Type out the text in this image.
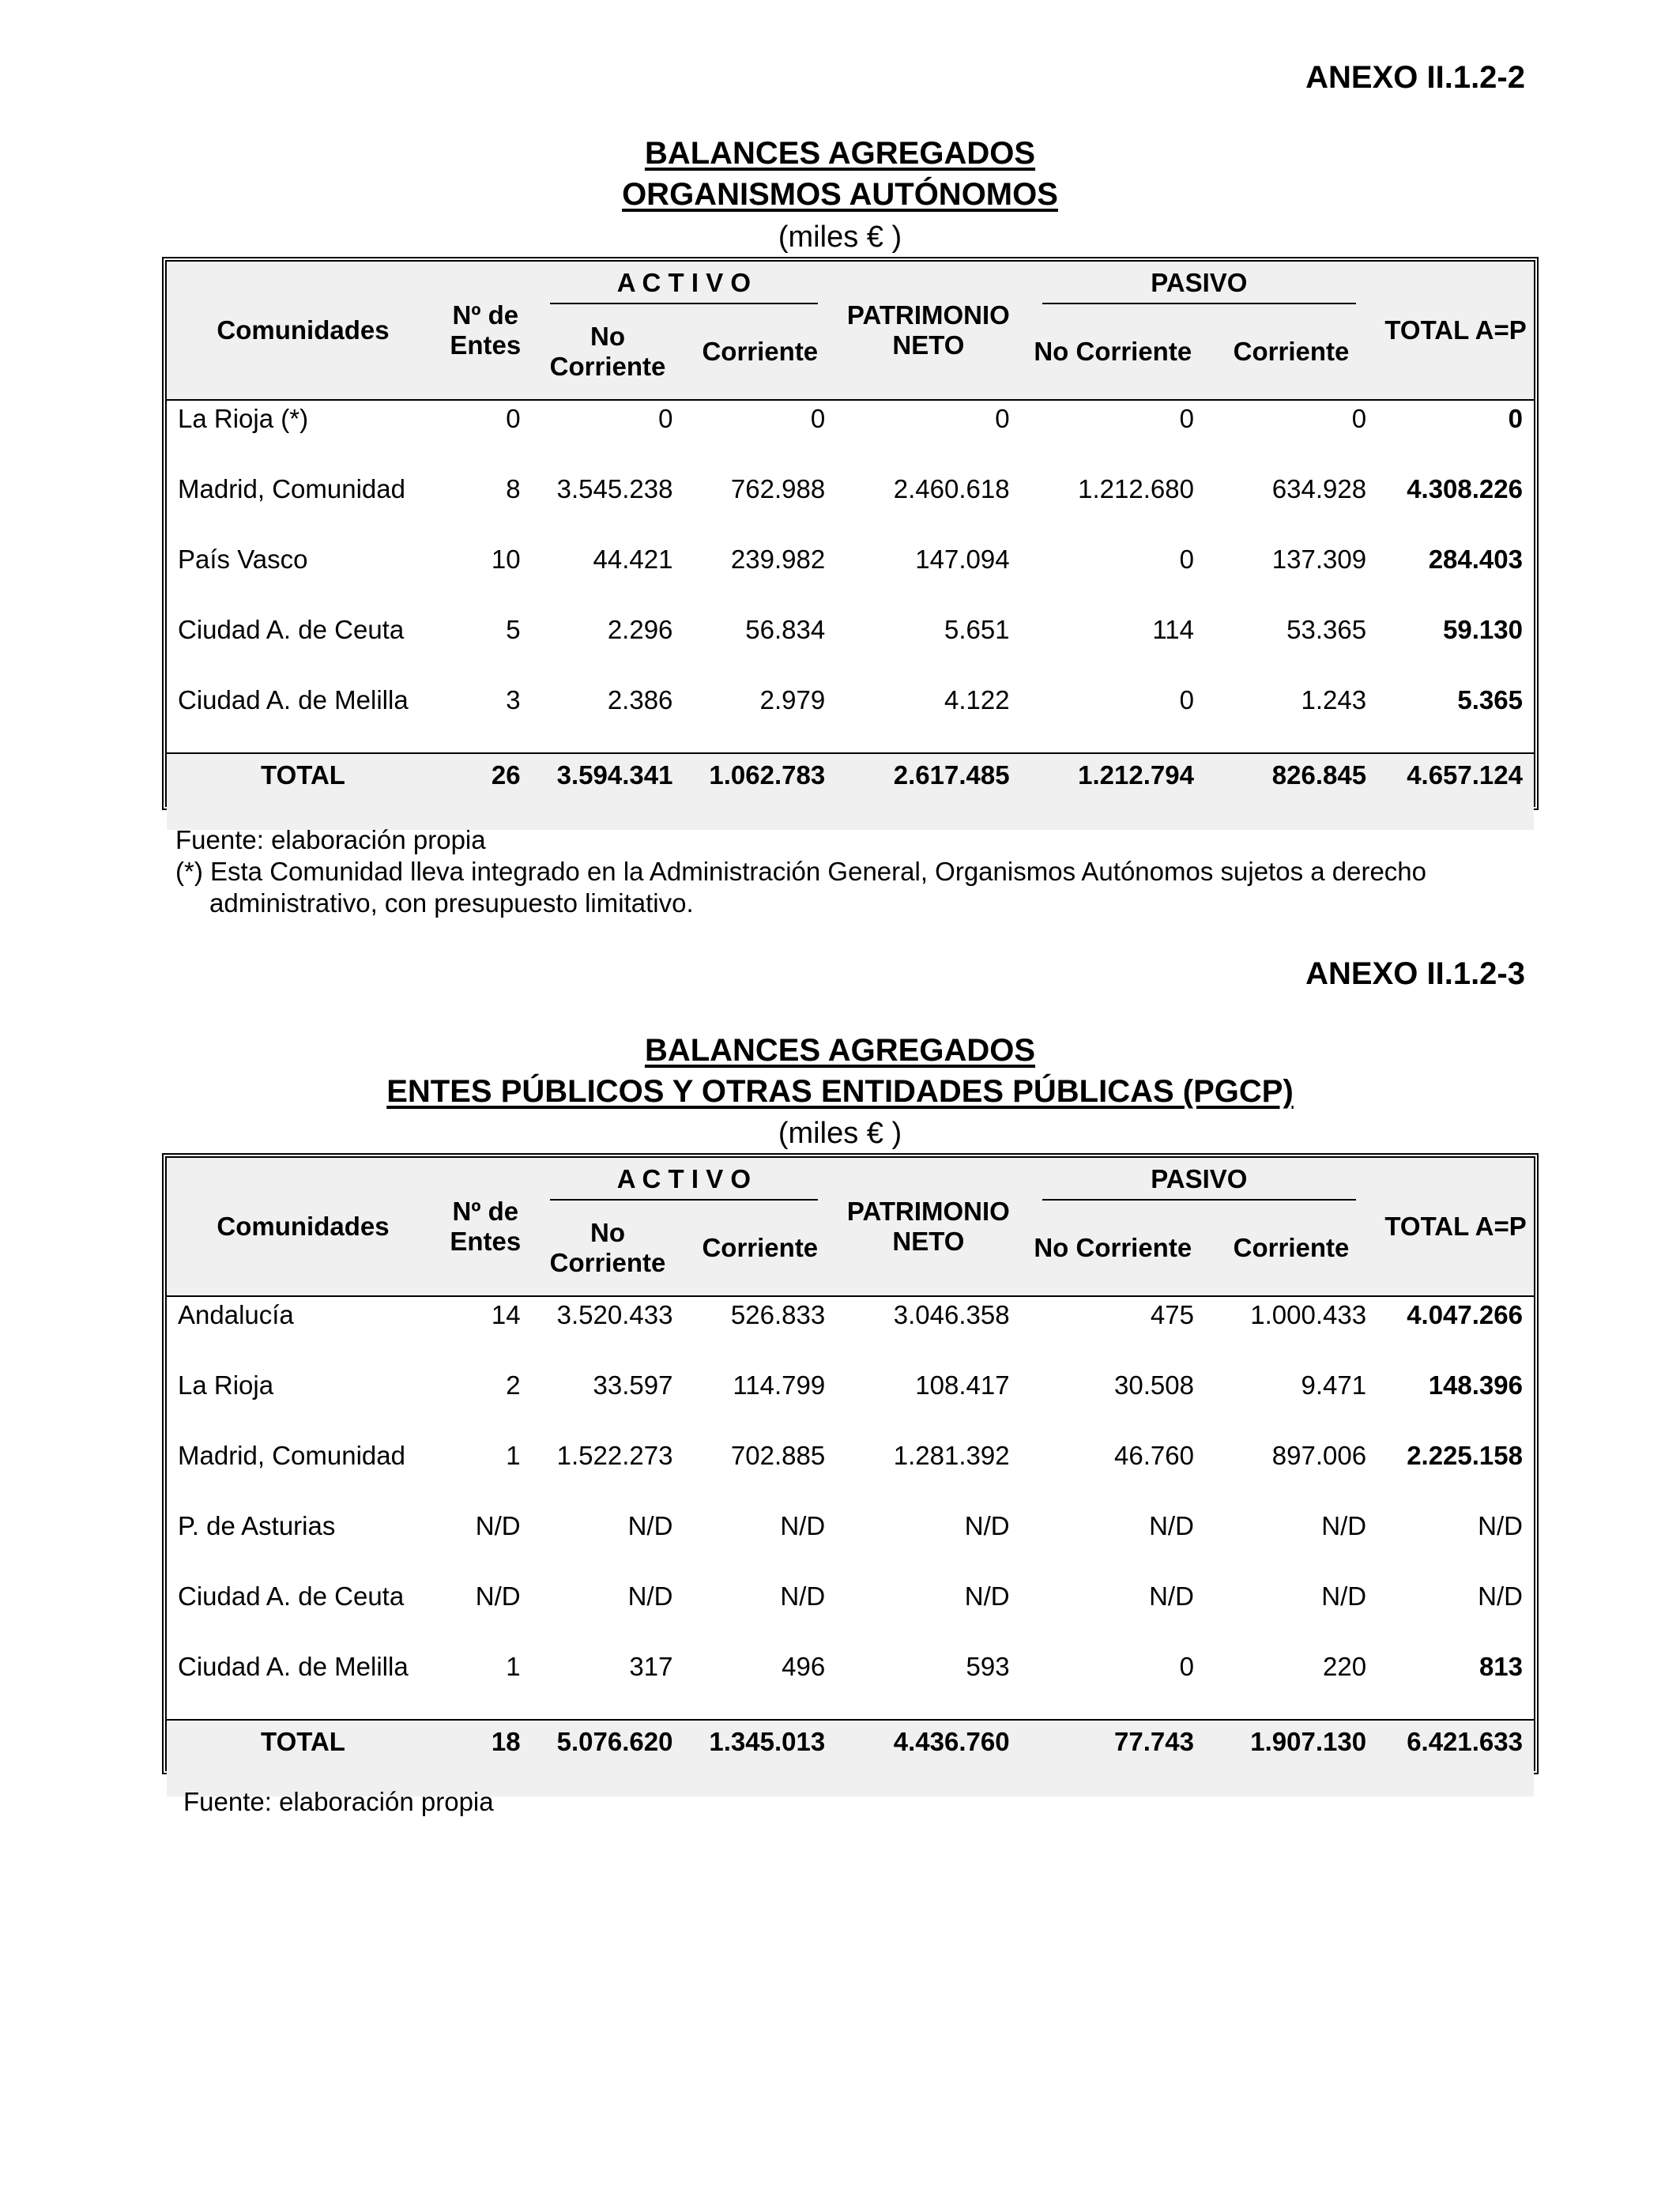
ANEXO II.1.2-2
BALANCES AGREGADOS
ORGANISMOS AUTÓNOMOS
(miles € )
Comunidades	Nº de Entes	A C T I V O		PATRIMONIO NETO	PASIVO		TOTAL A=P
		No Corriente	Corriente		No Corriente	Corriente	
La Rioja (*)	0	0	0	0	0	0	0
Madrid, Comunidad	8	3.545.238	762.988	2.460.618	1.212.680	634.928	4.308.226
País Vasco	10	44.421	239.982	147.094	0	137.309	284.403
Ciudad A. de Ceuta	5	2.296	56.834	5.651	114	53.365	59.130
Ciudad A. de Melilla	3	2.386	2.979	4.122	0	1.243	5.365
TOTAL	26	3.594.341	1.062.783	2.617.485	1.212.794	826.845	4.657.124
Fuente: elaboración propia
(*) Esta Comunidad lleva integrado en la Administración General, Organismos Autónomos sujetos a derecho
administrativo, con presupuesto limitativo.
ANEXO II.1.2-3
BALANCES AGREGADOS
ENTES PÚBLICOS Y OTRAS ENTIDADES PÚBLICAS (PGCP)
(miles € )
Comunidades	Nº de Entes	A C T I V O		PATRIMONIO NETO	PASIVO		TOTAL A=P
		No Corriente	Corriente		No Corriente	Corriente	
Andalucía	14	3.520.433	526.833	3.046.358	475	1.000.433	4.047.266
La Rioja	2	33.597	114.799	108.417	30.508	9.471	148.396
Madrid, Comunidad	1	1.522.273	702.885	1.281.392	46.760	897.006	2.225.158
P. de Asturias	N/D	N/D	N/D	N/D	N/D	N/D	N/D
Ciudad A. de Ceuta	N/D	N/D	N/D	N/D	N/D	N/D	N/D
Ciudad A. de Melilla	1	317	496	593	0	220	813
TOTAL	18	5.076.620	1.345.013	4.436.760	77.743	1.907.130	6.421.633
Fuente: elaboración propia
